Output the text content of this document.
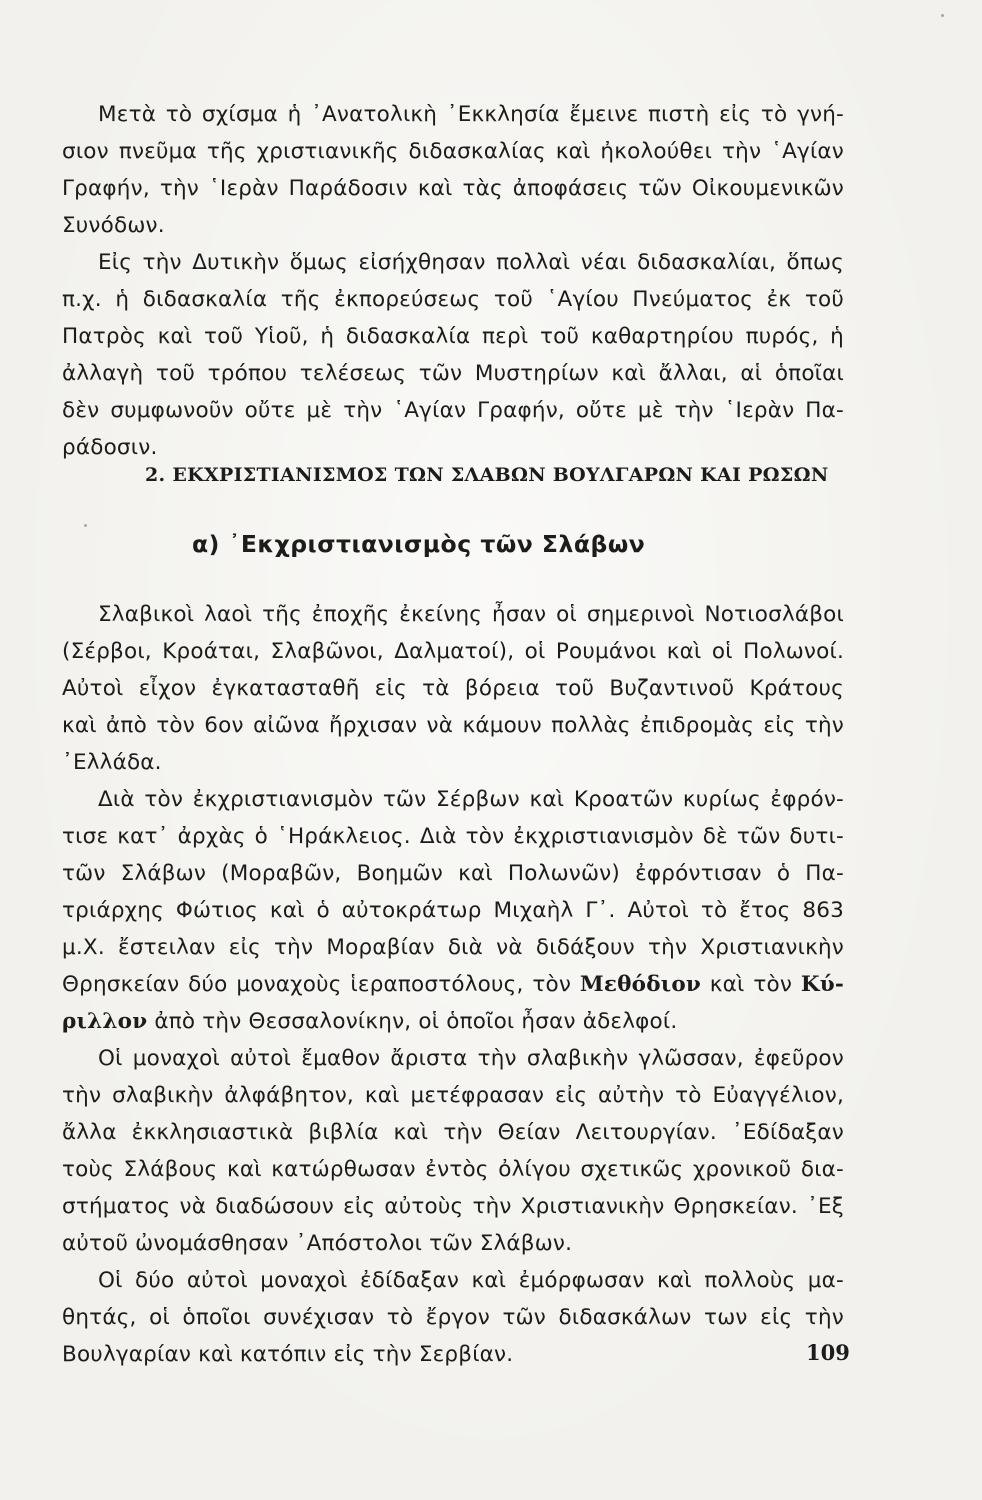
Μετὰ τὸ σχίσμα ἡ ᾿Ανατολικὴ ᾿Εκκλησία ἔμεινε πιστὴ εἰς τὸ γνή-
σιον πνεῦμα τῆς χριστιανικῆς διδασκαλίας καὶ ἠκολούθει τὴν ῾Αγίαν
Γραφήν, τὴν ῾Ιερὰν Παράδοσιν καὶ τὰς ἀποφάσεις τῶν Οἰκουμενικῶν
Συνόδων.
Εἰς τὴν Δυτικὴν ὅμως εἰσήχθησαν πολλαὶ νέαι διδασκαλίαι, ὅπως
π.χ. ἡ διδασκαλία τῆς ἐκπορεύσεως τοῦ ῾Αγίου Πνεύματος ἐκ τοῦ
Πατρὸς καὶ τοῦ Υἱοῦ, ἡ διδασκαλία περὶ τοῦ καθαρτηρίου πυρός, ἡ
ἀλλαγὴ τοῦ τρόπου τελέσεως τῶν Μυστηρίων καὶ ἄλλαι, αἱ ὁποῖαι
δὲν συμφωνοῦν οὔτε μὲ τὴν ῾Αγίαν Γραφήν, οὔτε μὲ τὴν ῾Ιερὰν Πα-
ράδοσιν.
2. ΕΚΧΡΙΣΤΙΑΝΙΣΜΟΣ ΤΩΝ ΣΛΑΒΩΝ ΒΟΥΛΓΑΡΩΝ ΚΑΙ ΡΩΣΩΝ
α) ᾿Εκχριστιανισμὸς τῶν Σλάβων
Σλαβικοὶ λαοὶ τῆς ἐποχῆς ἐκείνης ἦσαν οἱ σημερινοὶ Νοτιοσλάβοι
(Σέρβοι, Κροάται, Σλαβῶνοι, Δαλματοί), οἱ Ρουμάνοι καὶ οἱ Πολωνοί.
Αὐτοὶ εἶχον ἐγκατασταθῆ εἰς τὰ βόρεια τοῦ Βυζαντινοῦ Κράτους
καὶ ἀπὸ τὸν 6ον αἰῶνα ἤρχισαν νὰ κάμουν πολλὰς ἐπιδρομὰς εἰς τὴν
᾿Ελλάδα.
Διὰ τὸν ἐκχριστιανισμὸν τῶν Σέρβων καὶ Κροατῶν κυρίως ἐφρόν-
τισε κατ᾿ ἀρχὰς ὁ ῾Ηράκλειος. Διὰ τὸν ἐκχριστιανισμὸν δὲ τῶν δυτι-
τῶν Σλάβων (Μοραβῶν, Βοημῶν καὶ Πολωνῶν) ἐφρόντισαν ὁ Πα-
τριάρχης Φώτιος καὶ ὁ αὐτοκράτωρ Μιχαὴλ Γ᾿. Αὐτοὶ τὸ ἔτος 863
μ.Χ. ἔστειλαν εἰς τὴν Μοραβίαν διὰ νὰ διδάξουν τὴν Χριστιανικὴν
Θρησκείαν δύο μοναχοὺς ἱεραποστόλους, τὸν Μεθόδιον καὶ τὸν Κύ-
ριλλον ἀπὸ τὴν Θεσσαλονίκην, οἱ ὁποῖοι ἦσαν ἀδελφοί.
Οἱ μοναχοὶ αὐτοὶ ἔμαθον ἄριστα τὴν σλαβικὴν γλῶσσαν, ἐφεῦρον
τὴν σλαβικὴν ἀλφάβητον, καὶ μετέφρασαν εἰς αὐτὴν τὸ Εὐαγγέλιον,
ἄλλα ἐκκλησιαστικὰ βιβλία καὶ τὴν Θείαν Λειτουργίαν. ᾿Εδίδαξαν
τοὺς Σλάβους καὶ κατώρθωσαν ἐντὸς ὀλίγου σχετικῶς χρονικοῦ δια-
στήματος νὰ διαδώσουν εἰς αὐτοὺς τὴν Χριστιανικὴν Θρησκείαν. ᾿Εξ
αὐτοῦ ὠνομάσθησαν ᾿Απόστολοι τῶν Σλάβων.
Οἱ δύο αὐτοὶ μοναχοὶ ἐδίδαξαν καὶ ἐμόρφωσαν καὶ πολλοὺς μα-
θητάς, οἱ ὁποῖοι συνέχισαν τὸ ἔργον τῶν διδασκάλων των εἰς τὴν
Βουλγαρίαν καὶ κατόπιν εἰς τὴν Σερβίαν.	109
